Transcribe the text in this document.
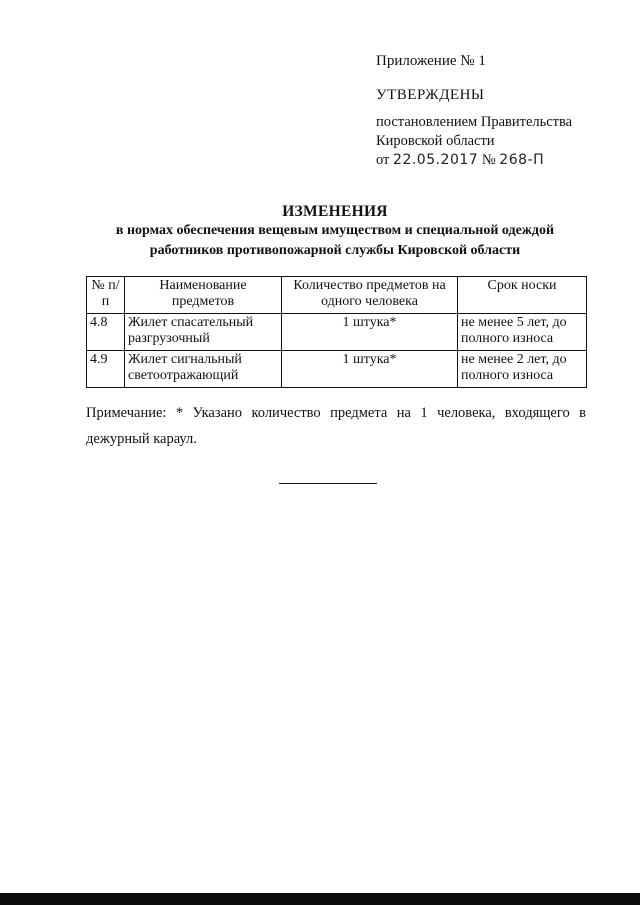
Приложение № 1
УТВЕРЖДЕНЫ
постановлением Правительства
Кировской области
от 22.05.2017 № 268-П
ИЗМЕНЕНИЯ
в нормах обеспечения вещевым имуществом и специальной одеждой
работников противопожарной службы Кировской области
№ п/п	Наименование предметов	Количество предметов на одного человека	Срок носки
4.8	Жилет спасательный разгрузочный	1 штука*	не менее 5 лет, до полного износа
4.9	Жилет сигнальный светоотражающий	1 штука*	не менее 2 лет, до полного износа
Примечание: * Указано количество предмета на 1 человека, входящего в дежурный караул.
